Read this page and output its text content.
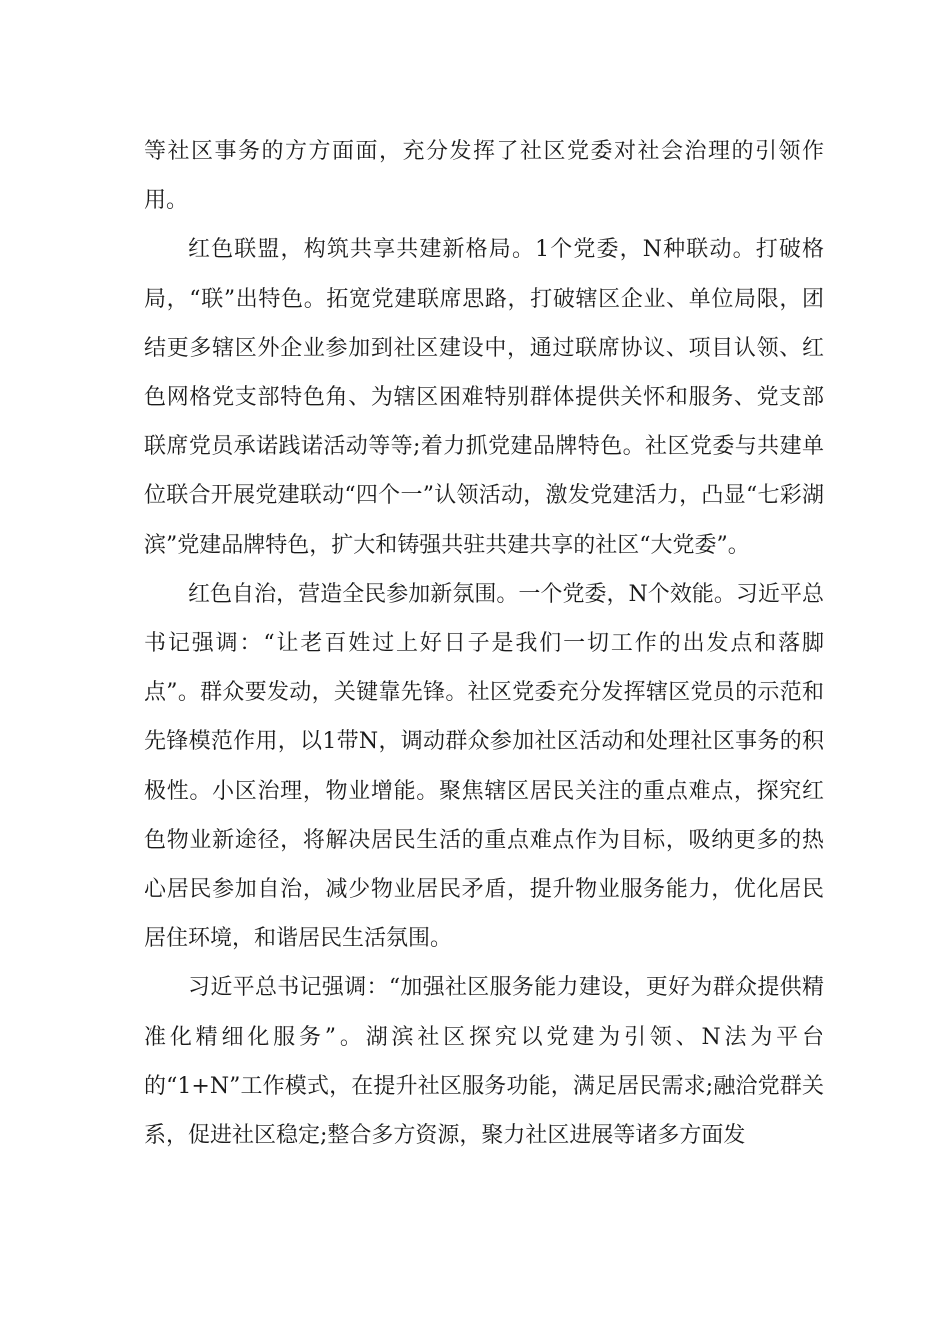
等社区事务的方方面面，充分发挥了社区党委对社会治理的引领作用。

红色联盟，构筑共享共建新格局。1个党委，N种联动。打破格局，“联”出特色。拓宽党建联席思路，打破辖区企业、单位局限，团结更多辖区外企业参加到社区建设中，通过联席协议、项目认领、红色网格党支部特色角、为辖区困难特别群体提供关怀和服务、党支部联席党员承诺践诺活动等等;着力抓党建品牌特色。社区党委与共建单位联合开展党建联动“四个一”认领活动，激发党建活力，凸显“七彩湖滨”党建品牌特色，扩大和铸强共驻共建共享的社区“大党委”。

红色自治，营造全民参加新氛围。一个党委，N个效能。习近平总书记强调：“让老百姓过上好日子是我们一切工作的出发点和落脚点”。群众要发动，关键靠先锋。社区党委充分发挥辖区党员的示范和先锋模范作用，以1带N，调动群众参加社区活动和处理社区事务的积极性。小区治理，物业增能。聚焦辖区居民关注的重点难点，探究红色物业新途径，将解决居民生活的重点难点作为目标，吸纳更多的热心居民参加自治，减少物业居民矛盾，提升物业服务能力，优化居民居住环境，和谐居民生活氛围。

习近平总书记强调：“加强社区服务能力建设，更好为群众提供精准化精细化服务”。湖滨社区探究以党建为引领、N法为平台的“1+N”工作模式，在提升社区服务功能，满足居民需求;融洽党群关系，促进社区稳定;整合多方资源，聚力社区进展等诸多方面发
